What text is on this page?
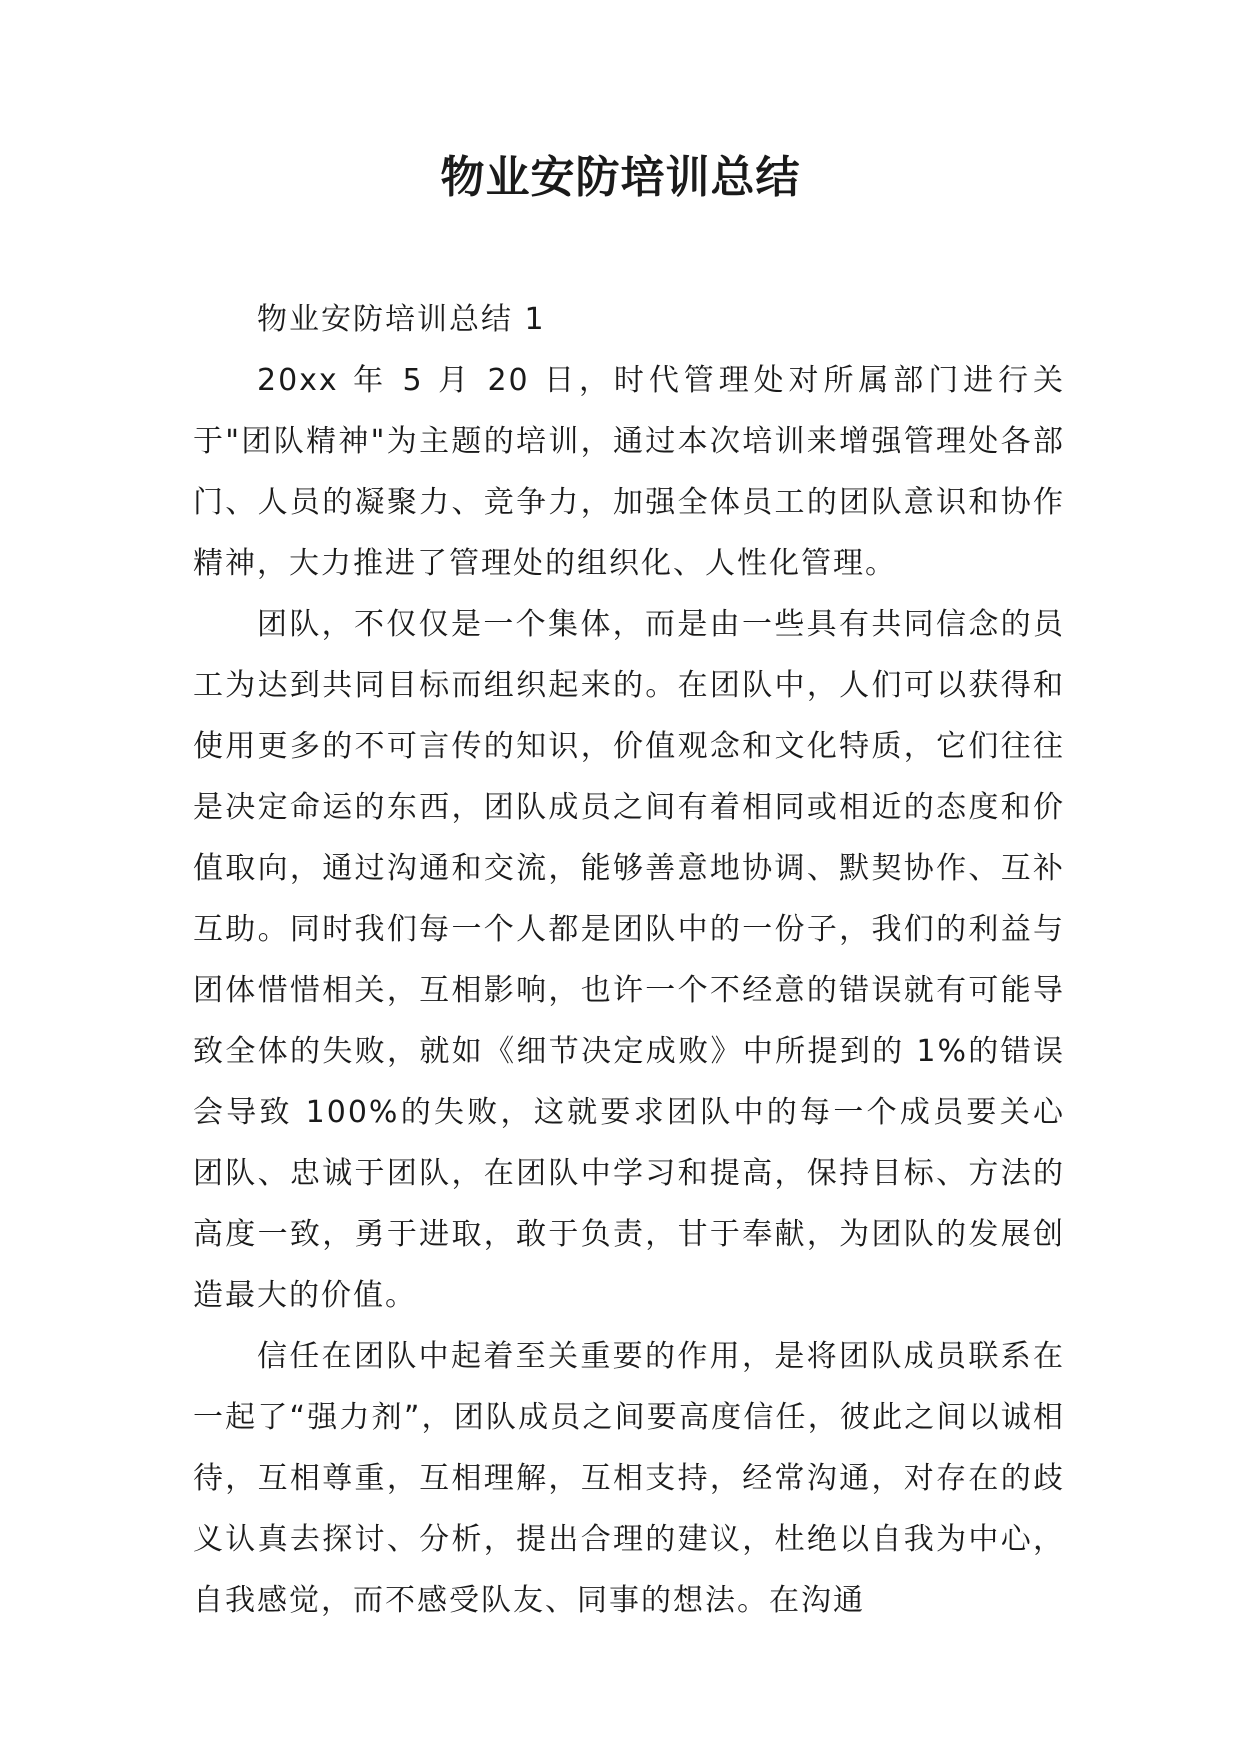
物业安防培训总结

物业安防培训总结 1

20xx 年 5 月 20 日，时代管理处对所属部门进行关于"团队精神"为主题的培训，通过本次培训来增强管理处各部门、人员的凝聚力、竞争力，加强全体员工的团队意识和协作精神，大力推进了管理处的组织化、人性化管理。

团队，不仅仅是一个集体，而是由一些具有共同信念的员工为达到共同目标而组织起来的。在团队中，人们可以获得和使用更多的不可言传的知识，价值观念和文化特质，它们往往是决定命运的东西，团队成员之间有着相同或相近的态度和价值取向，通过沟通和交流，能够善意地协调、默契协作、互补互助。同时我们每一个人都是团队中的一份子，我们的利益与团体惜惜相关，互相影响，也许一个不经意的错误就有可能导致全体的失败，就如《细节决定成败》中所提到的 1%的错误会导致 100%的失败，这就要求团队中的每一个成员要关心团队、忠诚于团队，在团队中学习和提高，保持目标、方法的高度一致，勇于进取，敢于负责，甘于奉献，为团队的发展创造最大的价值。

信任在团队中起着至关重要的作用，是将团队成员联系在一起了“强力剂”，团队成员之间要高度信任，彼此之间以诚相待，互相尊重，互相理解，互相支持，经常沟通，对存在的歧义认真去探讨、分析，提出合理的建议，杜绝以自我为中心，自我感觉，而不感受队友、同事的想法。在沟通
